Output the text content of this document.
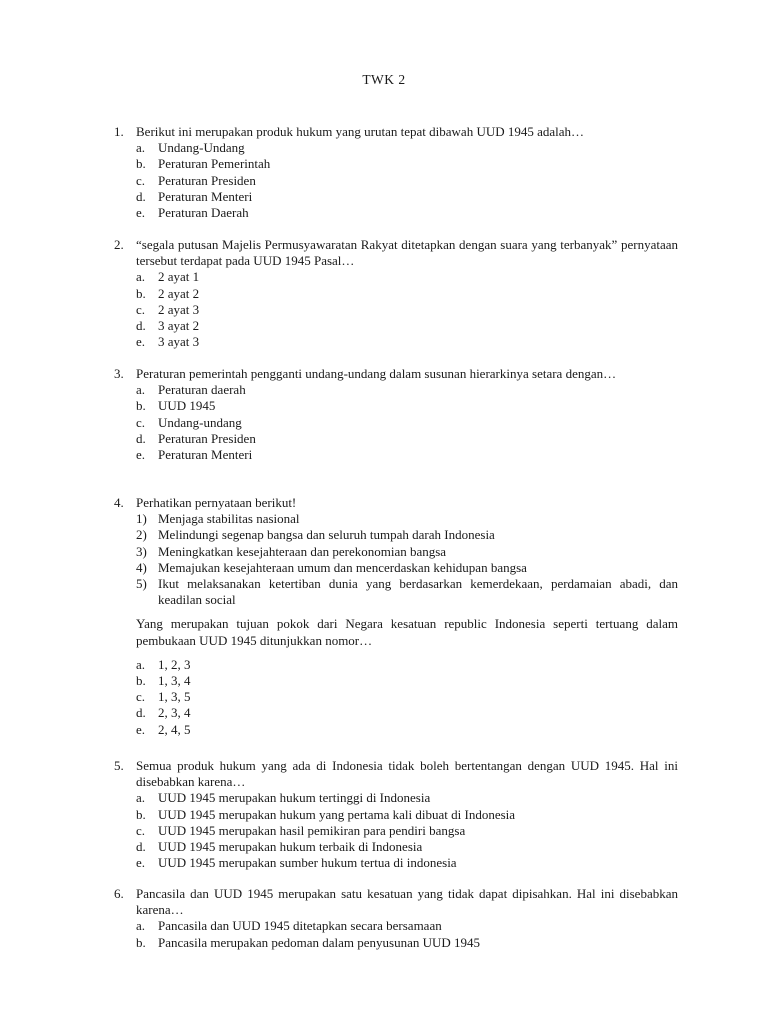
TWK 2
1. Berikut ini merupakan produk hukum yang urutan tepat dibawah UUD 1945 adalah…
a. Undang-Undang
b. Peraturan Pemerintah
c. Peraturan Presiden
d. Peraturan Menteri
e. Peraturan Daerah
2. “segala putusan Majelis Permusyawaratan Rakyat ditetapkan dengan suara yang terbanyak” pernyataan tersebut terdapat pada UUD 1945 Pasal…
a. 2 ayat 1
b. 2 ayat 2
c. 2 ayat 3
d. 3 ayat 2
e. 3 ayat 3
3. Peraturan pemerintah pengganti undang-undang dalam susunan hierarkinya setara dengan…
a. Peraturan daerah
b. UUD 1945
c. Undang-undang
d. Peraturan Presiden
e. Peraturan Menteri
4. Perhatikan pernyataan berikut!
1) Menjaga stabilitas nasional
2) Melindungi segenap bangsa dan seluruh tumpah darah Indonesia
3) Meningkatkan kesejahteraan dan perekonomian bangsa
4) Memajukan kesejahteraan umum dan mencerdaskan kehidupan bangsa
5) Ikut melaksanakan ketertiban dunia yang berdasarkan kemerdekaan, perdamaian abadi, dan keadilan social
Yang merupakan tujuan pokok dari Negara kesatuan republic Indonesia seperti tertuang dalam pembukaan UUD 1945 ditunjukkan nomor…
a. 1, 2, 3
b. 1, 3, 4
c. 1, 3, 5
d. 2, 3, 4
e. 2, 4, 5
5. Semua produk hukum yang ada di Indonesia tidak boleh bertentangan dengan UUD 1945. Hal ini disebabkan karena…
a. UUD 1945 merupakan hukum tertinggi di Indonesia
b. UUD 1945 merupakan hukum yang pertama kali dibuat di Indonesia
c. UUD 1945 merupakan hasil pemikiran para pendiri bangsa
d. UUD 1945 merupakan hukum terbaik di Indonesia
e. UUD 1945 merupakan sumber hukum tertua di indonesia
6. Pancasila dan UUD 1945 merupakan satu kesatuan yang tidak dapat dipisahkan. Hal ini disebabkan karena…
a. Pancasila dan UUD 1945 ditetapkan secara bersamaan
b. Pancasila merupakan pedoman dalam penyusunan UUD 1945
